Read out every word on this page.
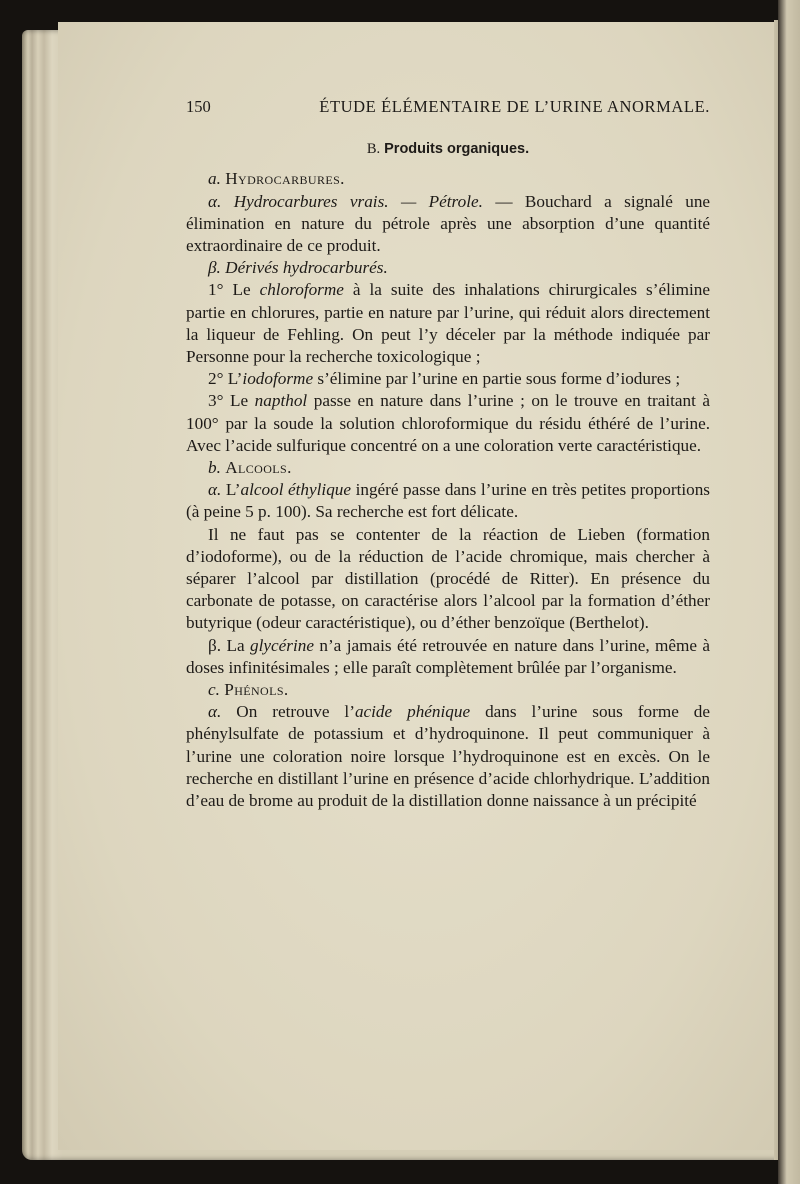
150	ÉTUDE ÉLÉMENTAIRE DE L’URINE ANORMALE.

B. Produits organiques.

a. Hydrocarbures.

α. Hydrocarbures vrais. — Pétrole. — Bouchard a signalé une élimination en nature du pétrole après une absorption d’une quantité extraordinaire de ce produit.

β. Dérivés hydrocarburés.

1° Le chloroforme à la suite des inhalations chirurgicales s’élimine partie en chlorures, partie en nature par l’urine, qui réduit alors directement la liqueur de Fehling. On peut l’y déceler par la méthode indiquée par Personne pour la recherche toxicologique ;

2° L’iodoforme s’élimine par l’urine en partie sous forme d’iodures ;

3° Le napthol passe en nature dans l’urine ; on le trouve en traitant à 100° par la soude la solution chloroformique du résidu éthéré de l’urine. Avec l’acide sulfurique concentré on a une coloration verte caractéristique.

b. Alcools.

α. L’alcool éthylique ingéré passe dans l’urine en très petites proportions (à peine 5 p. 100). Sa recherche est fort délicate.

Il ne faut pas se contenter de la réaction de Lieben (formation d’iodoforme), ou de la réduction de l’acide chromique, mais chercher à séparer l’alcool par distillation (procédé de Ritter). En présence du carbonate de potasse, on caractérise alors l’alcool par la formation d’éther butyrique (odeur caractéristique), ou d’éther benzoïque (Berthelot).

β. La glycérine n’a jamais été retrouvée en nature dans l’urine, même à doses infinitésimales ; elle paraît complètement brûlée par l’organisme.

c. Phénols.

α. On retrouve l’acide phénique dans l’urine sous forme de phénylsulfate de potassium et d’hydroquinone. Il peut communiquer à l’urine une coloration noire lorsque l’hydroquinone est en excès. On le recherche en distillant l’urine en présence d’acide chlorhydrique. L’addition d’eau de brome au produit de la distillation donne naissance à un précipité
